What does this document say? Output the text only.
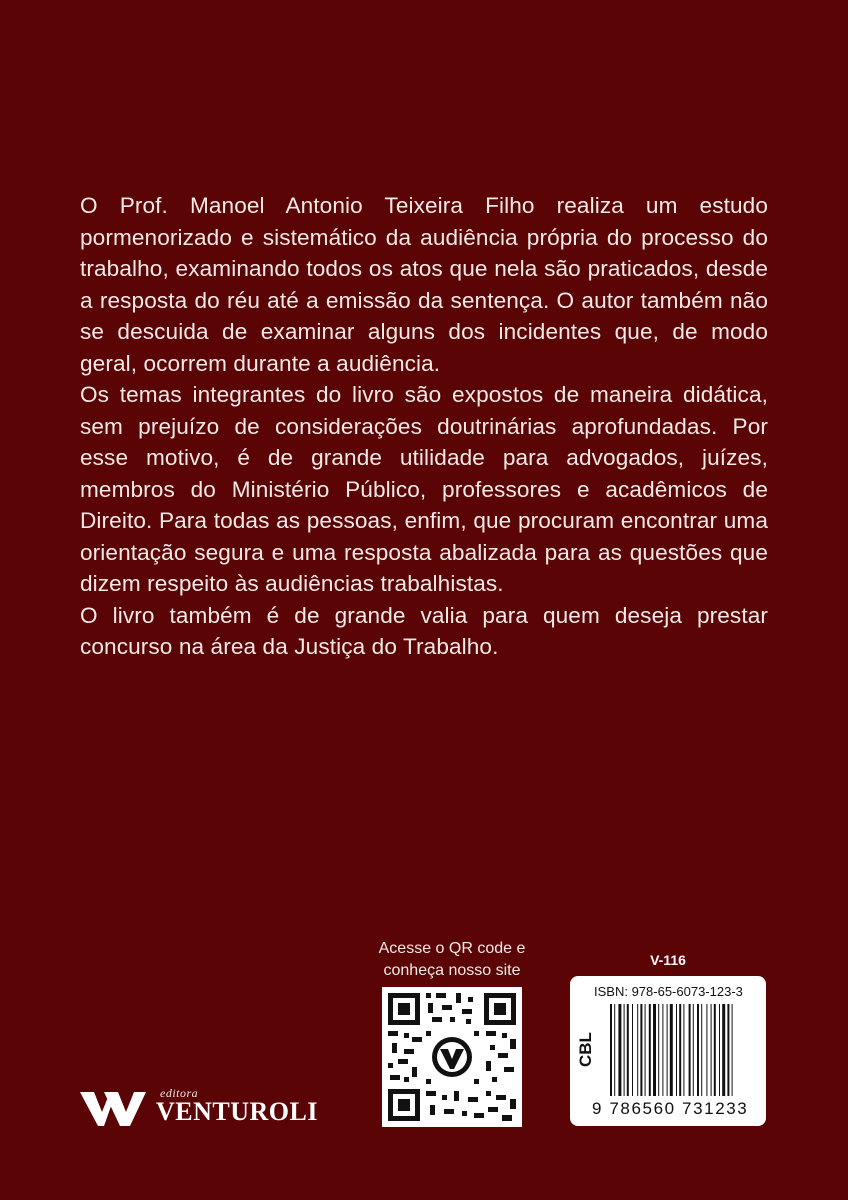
O Prof. Manoel Antonio Teixeira Filho realiza um estudo pormenorizado e sistemático da audiência própria do processo do trabalho, examinando todos os atos que nela são praticados, desde a resposta do réu até a emissão da sentença. O autor também não se descuida de examinar alguns dos incidentes que, de modo geral, ocorrem durante a audiência.

Os temas integrantes do livro são expostos de maneira didática, sem prejuízo de considerações doutrinárias aprofundadas. Por esse motivo, é de grande utilidade para advogados, juízes, membros do Ministério Público, professores e acadêmicos de Direito. Para todas as pessoas, enfim, que procuram encontrar uma orientação segura e uma resposta abalizada para as questões que dizem respeito às audiências trabalhistas.

O livro também é de grande valia para quem deseja prestar concurso na área da Justiça do Trabalho.

Acesse o QR code e
conheça nosso site
V-116
ISBN: 978-65-6073-123-3
CBL
9 786560 731233
editora
VENTUROLI
